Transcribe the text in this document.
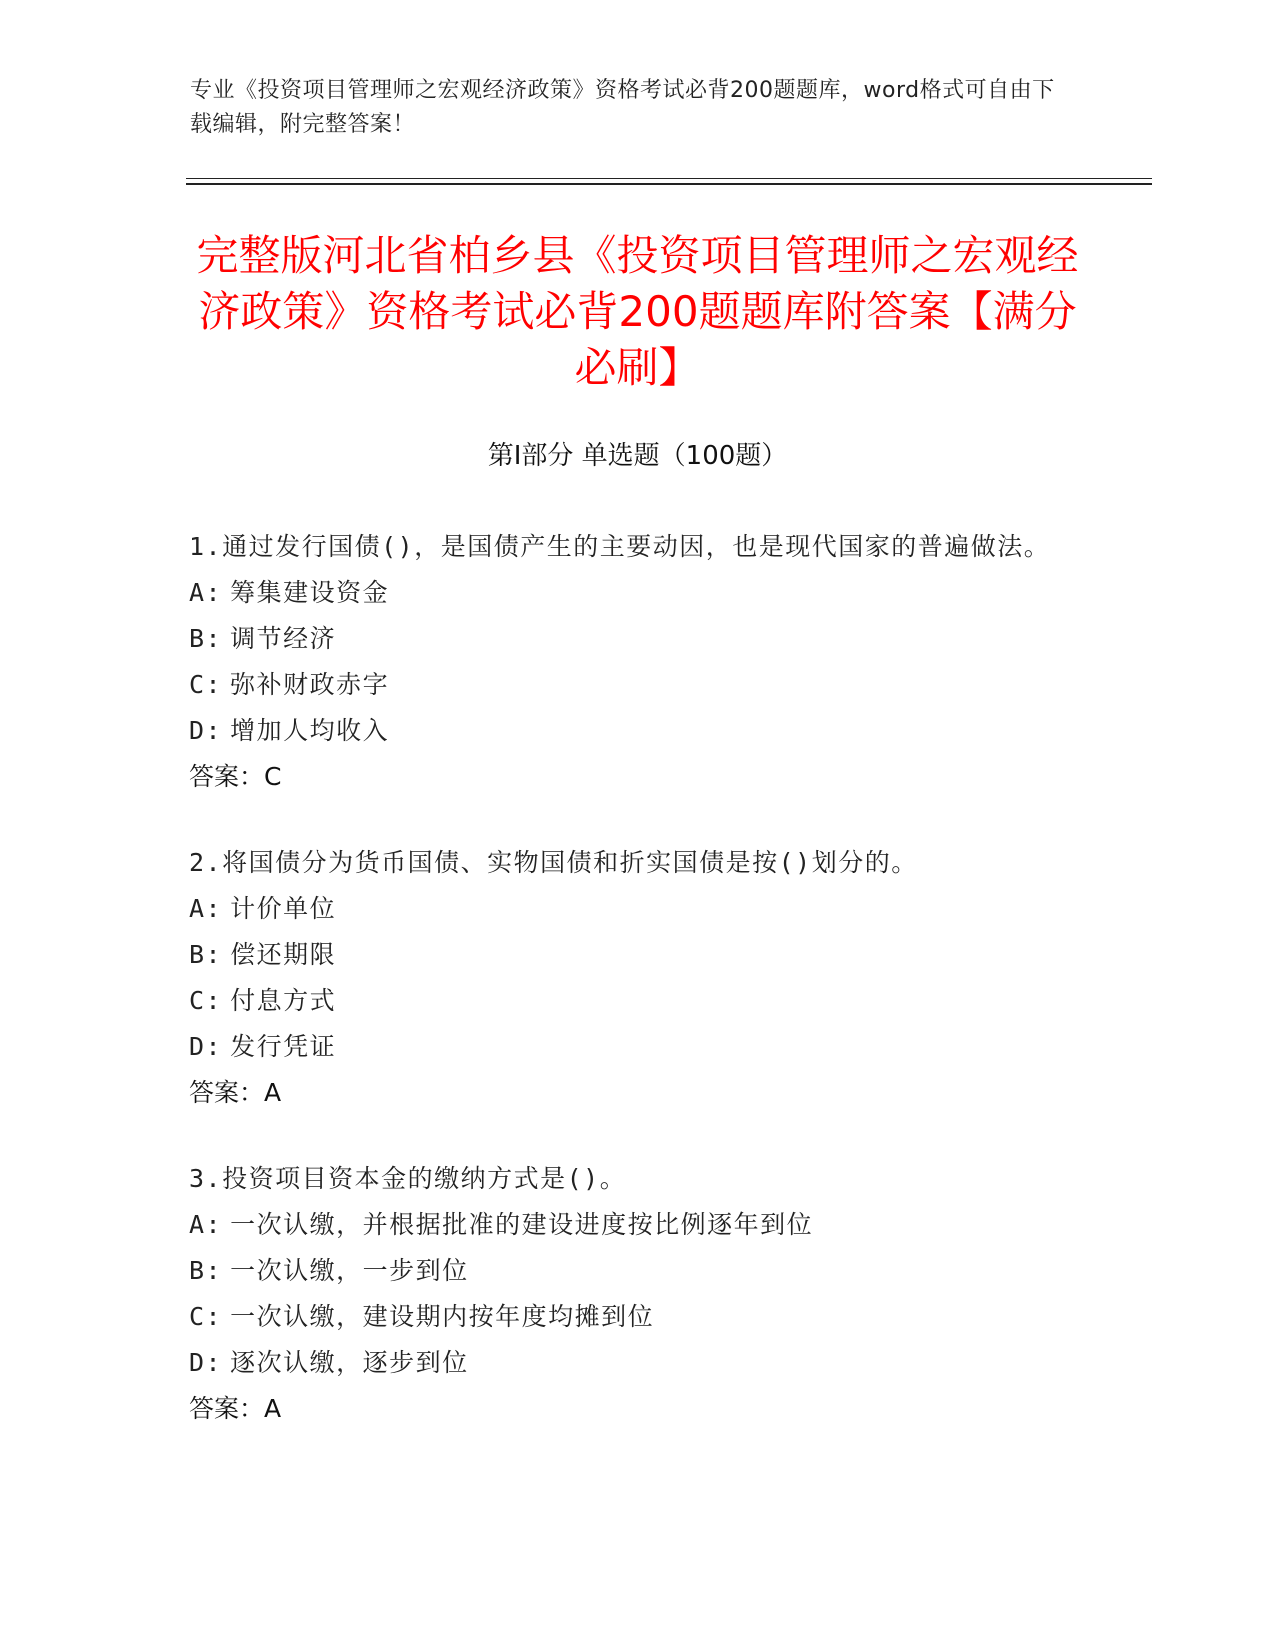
专业《投资项目管理师之宏观经济政策》资格考试必背200题题库，word格式可自由下载编辑，附完整答案！
完整版河北省柏乡县《投资项目管理师之宏观经济政策》资格考试必背200题题库附答案【满分必刷】
第Ⅰ部分 单选题（100题）
1.通过发行国债()，是国债产生的主要动因，也是现代国家的普遍做法。
A: 筹集建设资金
B: 调节经济
C: 弥补财政赤字
D: 增加人均收入
答案：C
2.将国债分为货币国债、实物国债和折实国债是按()划分的。
A: 计价单位
B: 偿还期限
C: 付息方式
D: 发行凭证
答案：A
3.投资项目资本金的缴纳方式是()。
A: 一次认缴，并根据批准的建设进度按比例逐年到位
B: 一次认缴，一步到位
C: 一次认缴，建设期内按年度均摊到位
D: 逐次认缴，逐步到位
答案：A
